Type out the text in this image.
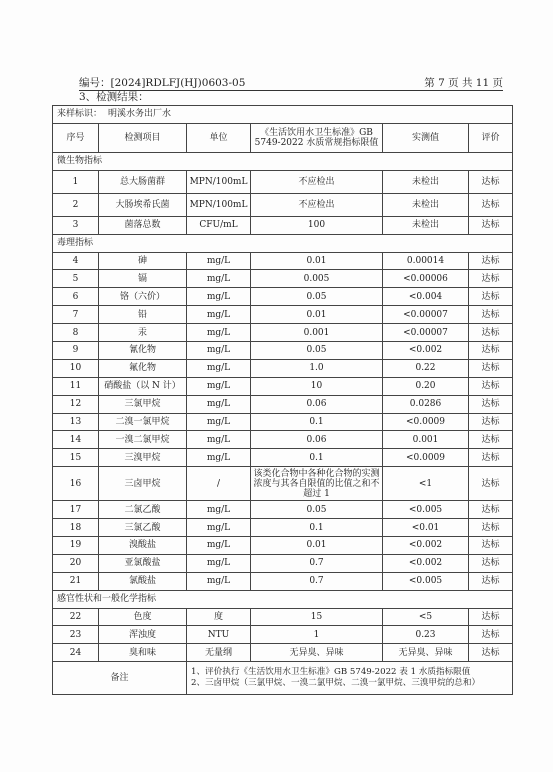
编号：[2024]RDLFJ(HJ)0603-05	第 7 页 共 11 页
3、检测结果：
来样标识： 明溪水务出厂水					
序号	检测项目	单位	《生活饮用水卫生标准》GB 5749-2022 水质常规指标限值	实测值	评价
微生物指标					
1	总大肠菌群	MPN/100mL	不应检出	未检出	达标
2	大肠埃希氏菌	MPN/100mL	不应检出	未检出	达标
3	菌落总数	CFU/mL	100	未检出	达标
毒理指标					
4	砷	mg/L	0.01	0.00014	达标
5	镉	mg/L	0.005	<0.00006	达标
6	铬（六价）	mg/L	0.05	<0.004	达标
7	铅	mg/L	0.01	<0.00007	达标
8	汞	mg/L	0.001	<0.00007	达标
9	氰化物	mg/L	0.05	<0.002	达标
10	氟化物	mg/L	1.0	0.22	达标
11	硝酸盐（以 N 计）	mg/L	10	0.20	达标
12	三氯甲烷	mg/L	0.06	0.0286	达标
13	二溴一氯甲烷	mg/L	0.1	<0.0009	达标
14	一溴二氯甲烷	mg/L	0.06	0.001	达标
15	三溴甲烷	mg/L	0.1	<0.0009	达标
16	三卤甲烷	/	该类化合物中各种化合物的实测浓度与其各自限值的比值之和不超过 1	<1	达标
17	二氯乙酸	mg/L	0.05	<0.005	达标
18	三氯乙酸	mg/L	0.1	<0.01	达标
19	溴酸盐	mg/L	0.01	<0.002	达标
20	亚氯酸盐	mg/L	0.7	<0.002	达标
21	氯酸盐	mg/L	0.7	<0.005	达标
感官性状和一般化学指标					
22	色度	度	15	<5	达标
23	浑浊度	NTU	1	0.23	达标
24	臭和味	无量纲	无异臭、异味	无异臭、异味	达标
备注		1、评价执行《生活饮用水卫生标准》GB 5749-2022 表 1 水质指标限值
2、三卤甲烷（三氯甲烷、一溴二氯甲烷、二溴一氯甲烷、三溴甲烷的总和）			
